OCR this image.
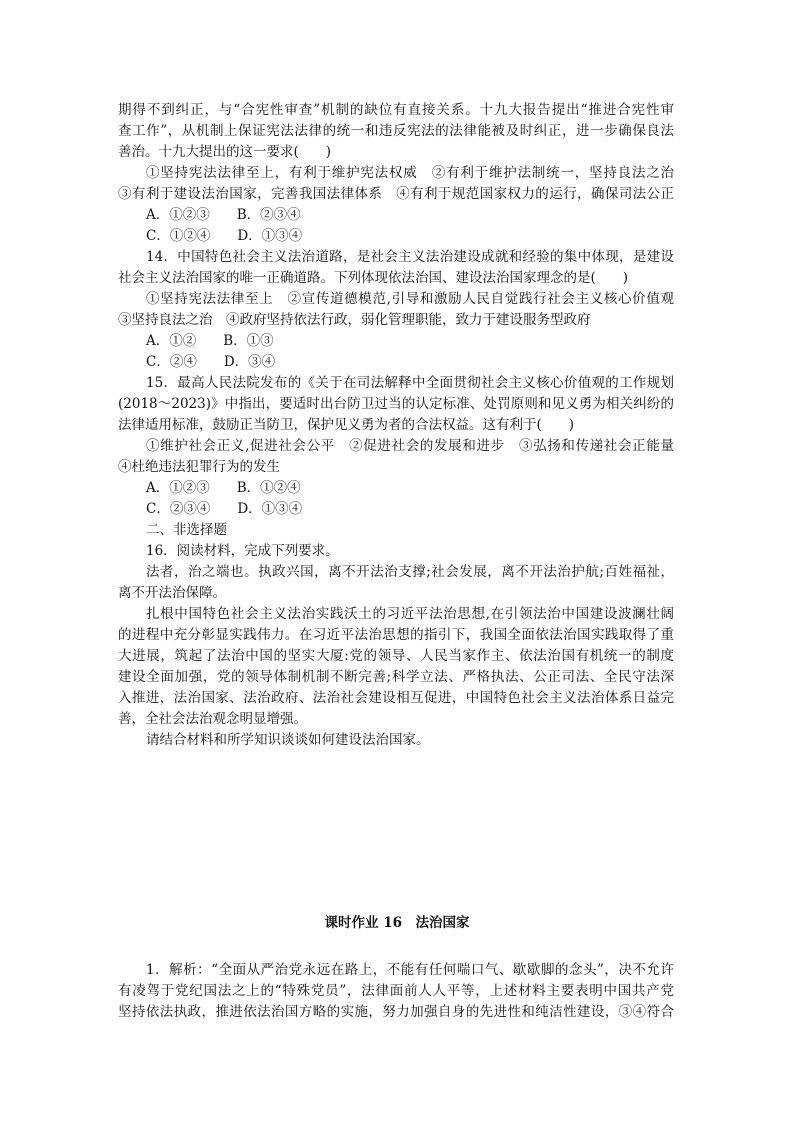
期得不到纠正，与“合宪性审查”机制的缺位有直接关系。十九大报告提出“推进合宪性审
查工作”，从机制上保证宪法法律的统一和违反宪法的法律能被及时纠正，进一步确保良法
善治。十九大提出的这一要求(　　)
①坚持宪法法律至上，有利于维护宪法权威　②有利于维护法制统一，坚持良法之治
③有利于建设法治国家，完善我国法律体系　④有利于规范国家权力的运行，确保司法公正
A．①②③　　B．②③④
C．①②④　　D．①③④
14．中国特色社会主义法治道路，是社会主义法治建设成就和经验的集中体现，是建设
社会主义法治国家的唯一正确道路。下列体现依法治国、建设法治国家理念的是(　　)
①坚持宪法法律至上　②宣传道德模范,引导和激励人民自觉践行社会主义核心价值观
③坚持良法之治　④政府坚持依法行政，弱化管理职能，致力于建设服务型政府
A．①②　　B．①③
C．②④　　D．③④
15．最高人民法院发布的《关于在司法解释中全面贯彻社会主义核心价值观的工作规划
(2018～2023)》中指出，要适时出台防卫过当的认定标准、处罚原则和见义勇为相关纠纷的
法律适用标准，鼓励正当防卫，保护见义勇为者的合法权益。这有利于(　　)
①维护社会正义,促进社会公平　②促进社会的发展和进步　③弘扬和传递社会正能量
④杜绝违法犯罪行为的发生
A．①②③　　B．①②④
C．②③④　　D．①③④
二、非选择题
16．阅读材料，完成下列要求。
法者，治之端也。执政兴国，离不开法治支撑;社会发展，离不开法治护航;百姓福祉，
离不开法治保障。
扎根中国特色社会主义法治实践沃土的习近平法治思想,在引领法治中国建设波澜壮阔
的进程中充分彰显实践伟力。在习近平法治思想的指引下，我国全面依法治国实践取得了重
大进展，筑起了法治中国的坚实大厦:党的领导、人民当家作主、依法治国有机统一的制度
建设全面加强，党的领导体制机制不断完善;科学立法、严格执法、公正司法、全民守法深
入推进，法治国家、法治政府、法治社会建设相互促进，中国特色社会主义法治体系日益完
善，全社会法治观念明显增强。
请结合材料和所学知识谈谈如何建设法治国家。
课时作业 16　法治国家
1．解析：“全面从严治党永远在路上，不能有任何喘口气、歇歇脚的念头”，决不允许
有凌驾于党纪国法之上的“特殊党员”，法律面前人人平等，上述材料主要表明中国共产党
坚持依法执政，推进依法治国方略的实施，努力加强自身的先进性和纯洁性建设，③④符合
